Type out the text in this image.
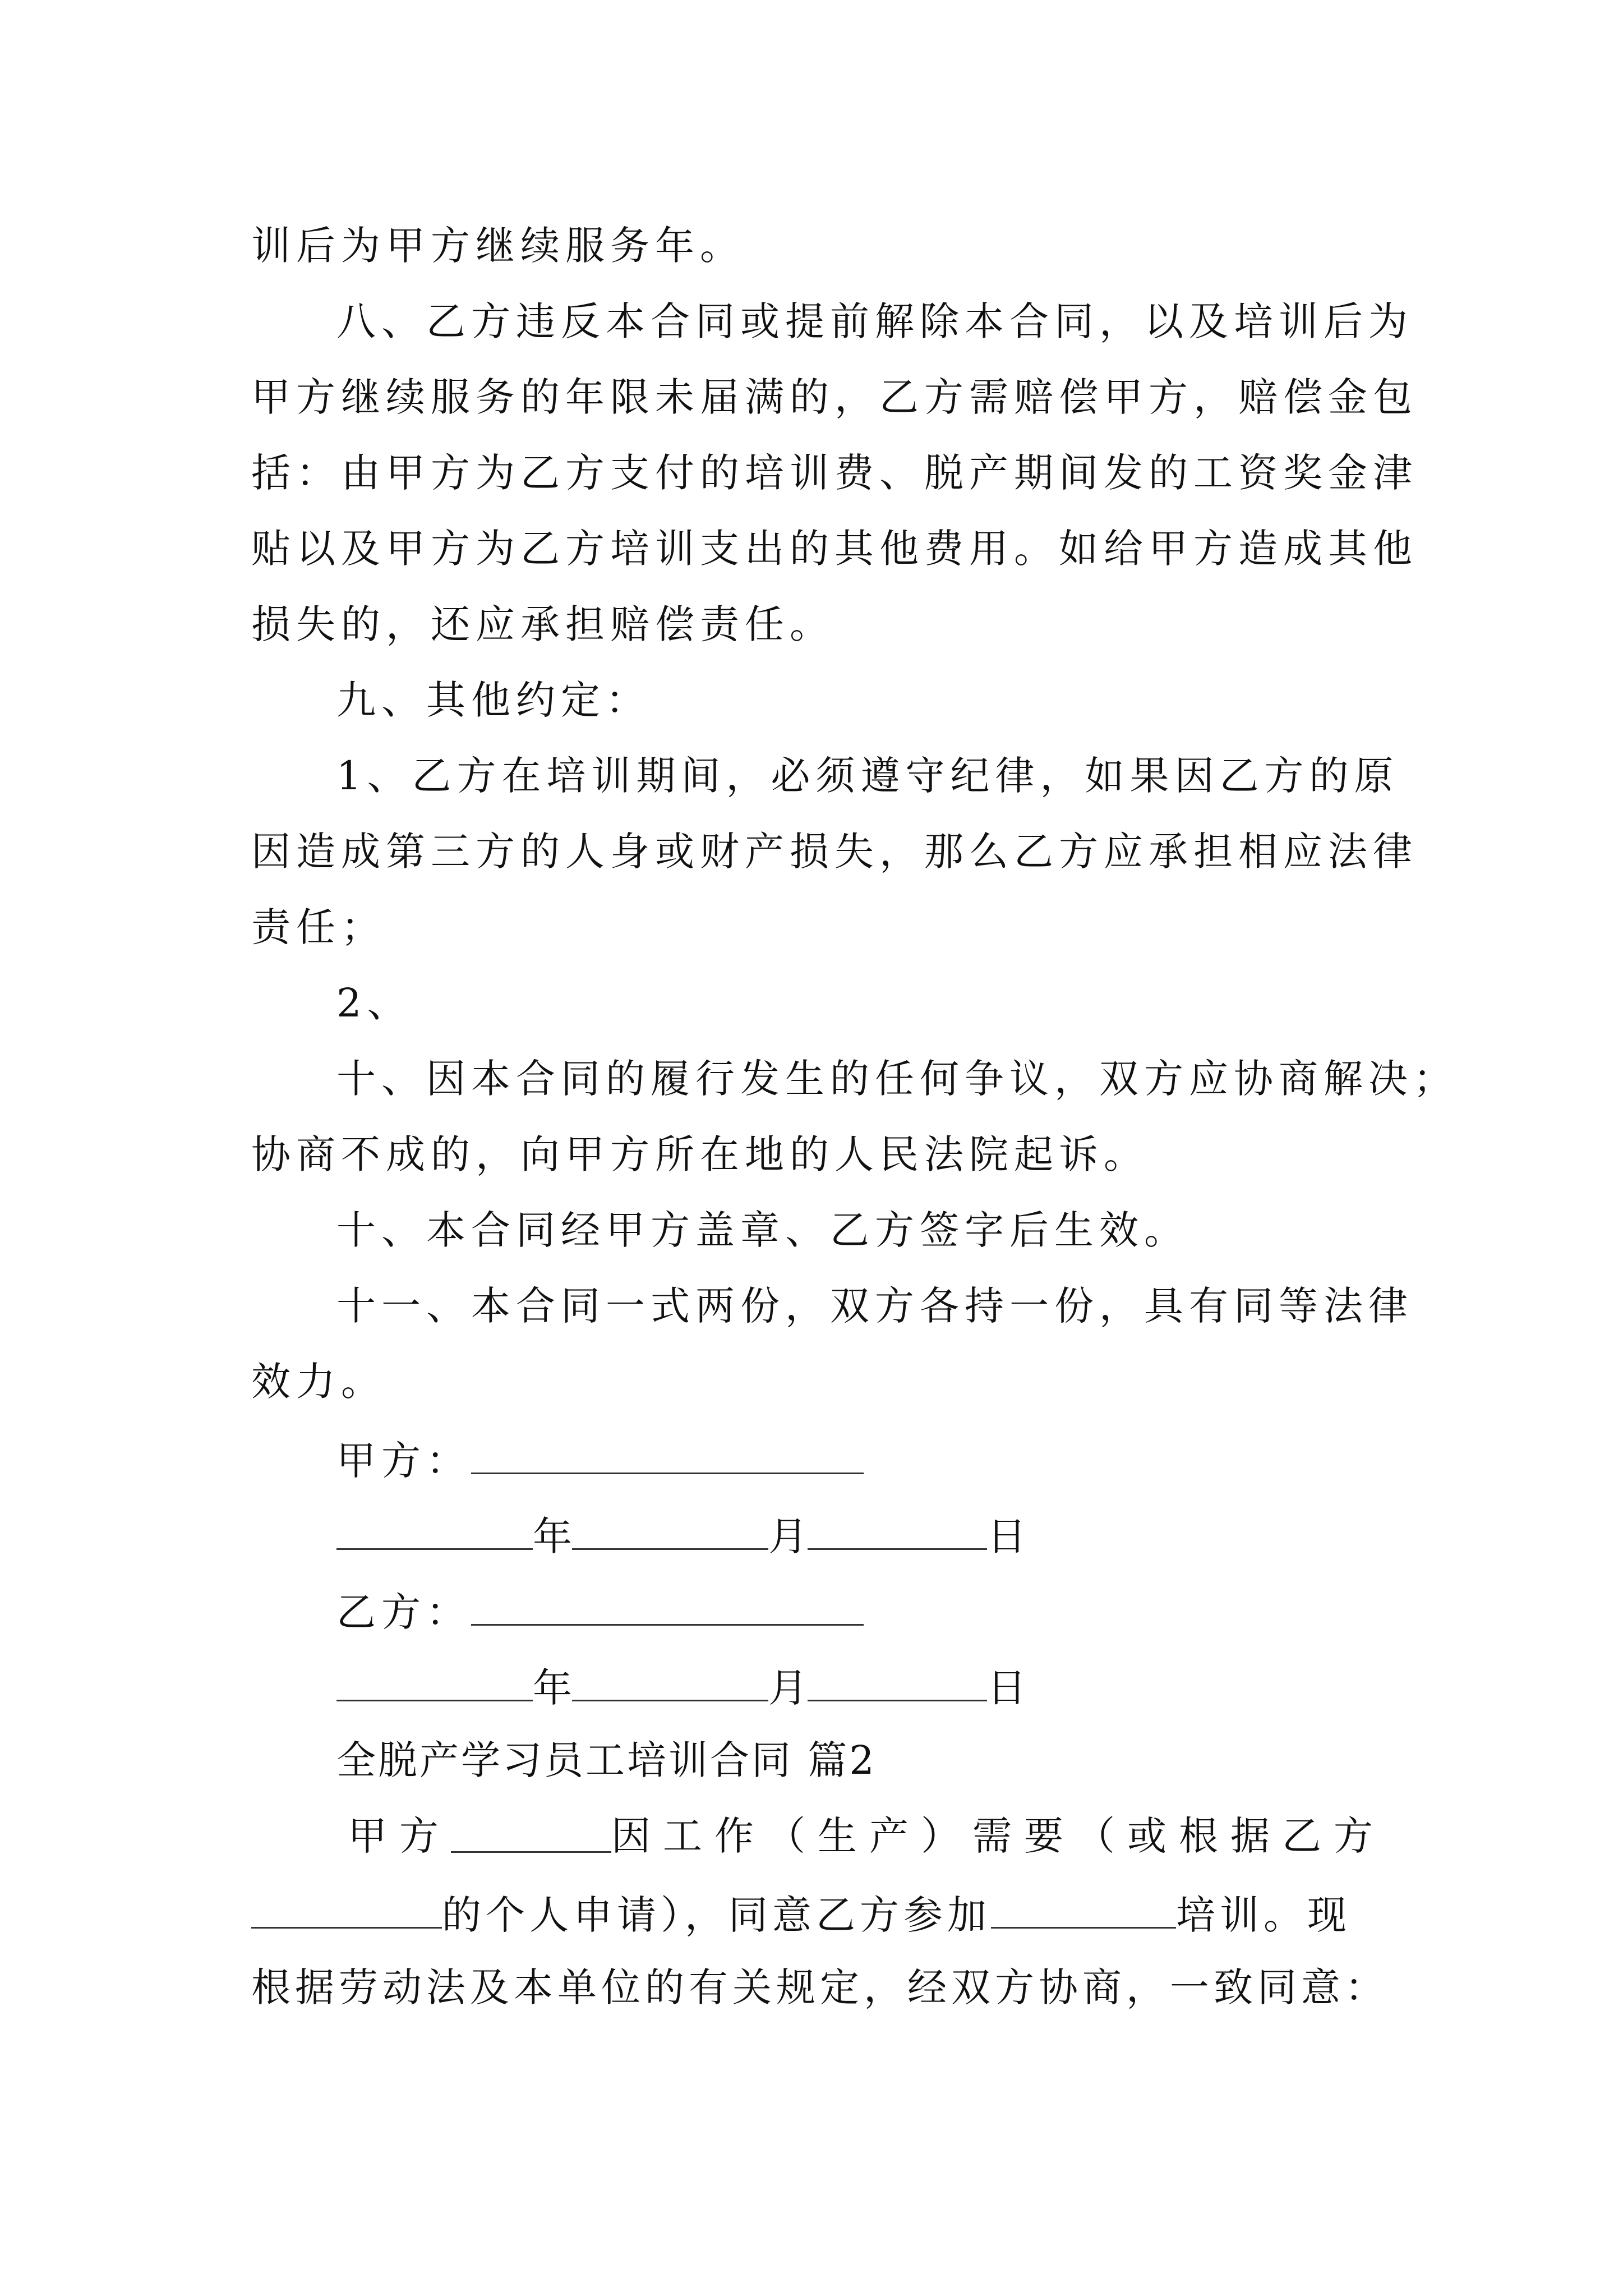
训后为甲方继续服务年。
八、乙方违反本合同或提前解除本合同，以及培训后为
甲方继续服务的年限未届满的，乙方需赔偿甲方，赔偿金包
括：由甲方为乙方支付的培训费、脱产期间发的工资奖金津
贴以及甲方为乙方培训支出的其他费用。如给甲方造成其他
损失的，还应承担赔偿责任。
九、其他约定：
1、乙方在培训期间，必须遵守纪律，如果因乙方的原
因造成第三方的人身或财产损失，那么乙方应承担相应法律
责任；
2、
十、因本合同的履行发生的任何争议，双方应协商解决；
协商不成的，向甲方所在地的人民法院起诉。
十、本合同经甲方盖章、乙方签字后生效。
十一、本合同一式两份，双方各持一份，具有同等法律
效力。
甲方：
年	月	日
乙方：
年	月	日
全脱产学习员工培训合同 篇2
甲方	因工作（生产）需要（或根据乙方
的个人申请），同意乙方参加	培训。现
根据劳动法及本单位的有关规定，经双方协商，一致同意：
